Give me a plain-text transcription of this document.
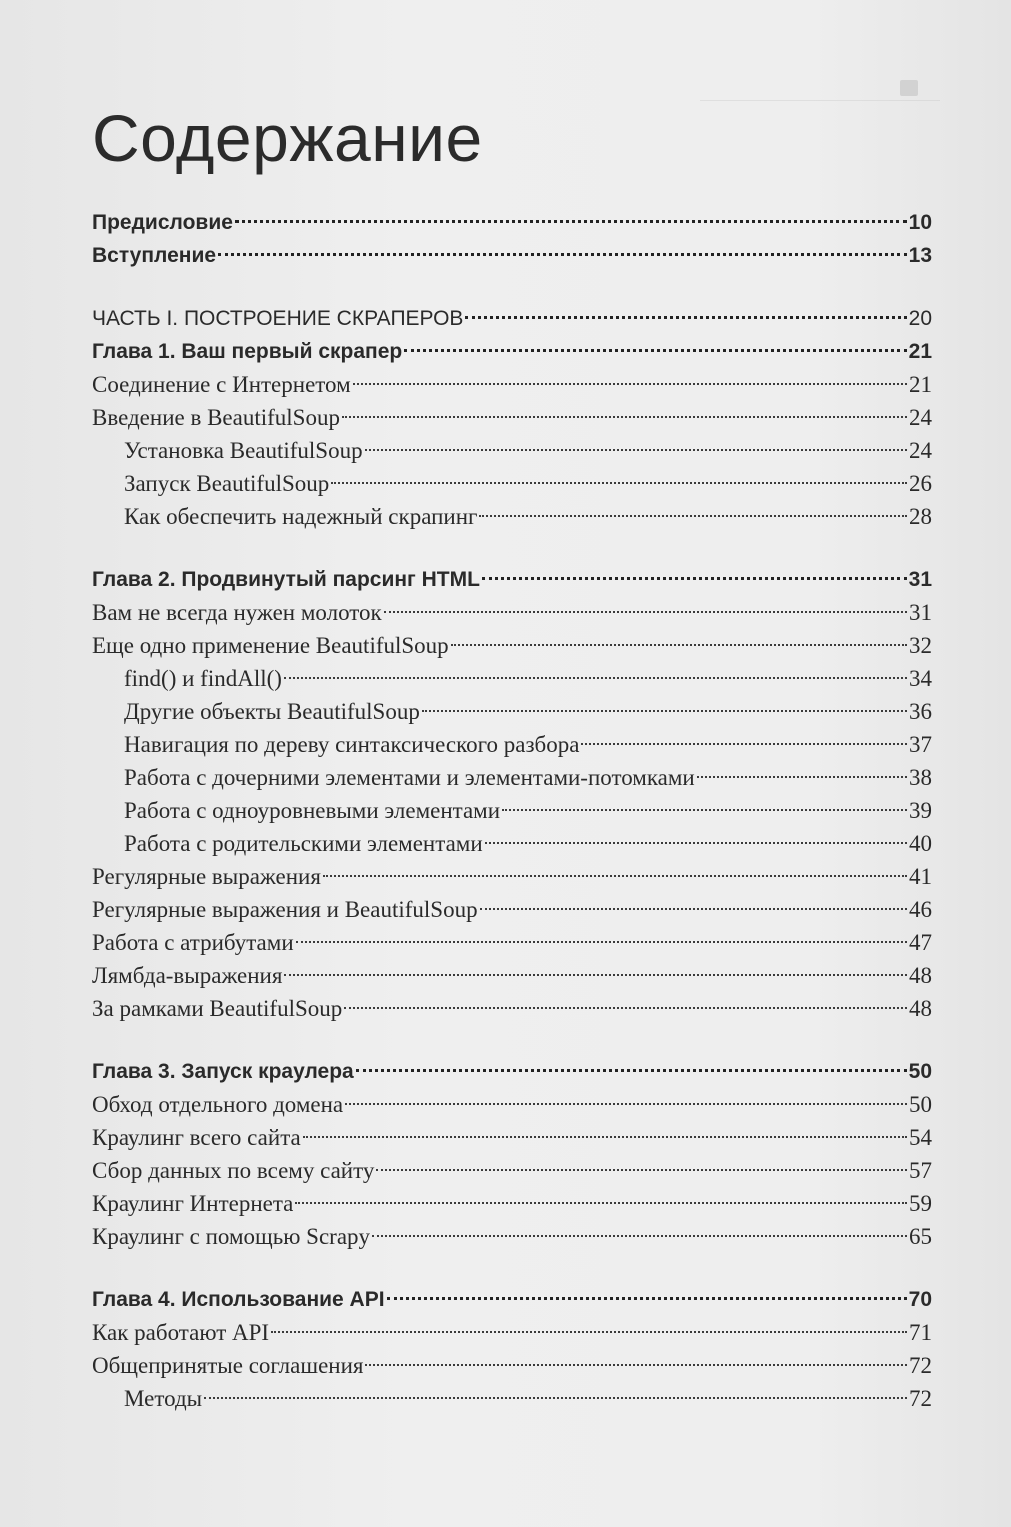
Содержание
Предисловие	10
Вступление	13
ЧАСТЬ I. ПОСТРОЕНИЕ СКРАПЕРОВ	20
Глава 1. Ваш первый скрапер	21
Соединение с Интернетом	21
Введение в BeautifulSoup	24
Установка BeautifulSoup	24
Запуск BeautifulSoup	26
Как обеспечить надежный скрапинг	28
Глава 2. Продвинутый парсинг HTML	31
Вам не всегда нужен молоток	31
Еще одно применение BeautifulSoup	32
find() и findAll()	34
Другие объекты BeautifulSoup	36
Навигация по дереву синтаксического разбора	37
Работа с дочерними элементами и элементами-потомками	38
Работа с одноуровневыми элементами	39
Работа с родительскими элементами	40
Регулярные выражения	41
Регулярные выражения и BeautifulSoup	46
Работа с атрибутами	47
Лямбда-выражения	48
За рамками BeautifulSoup	48
Глава 3. Запуск краулера	50
Обход отдельного домена	50
Краулинг всего сайта	54
Сбор данных по всему сайту	57
Краулинг Интернета	59
Краулинг с помощью Scrapy	65
Глава 4. Использование API	70
Как работают API	71
Общепринятые соглашения	72
Методы	72
